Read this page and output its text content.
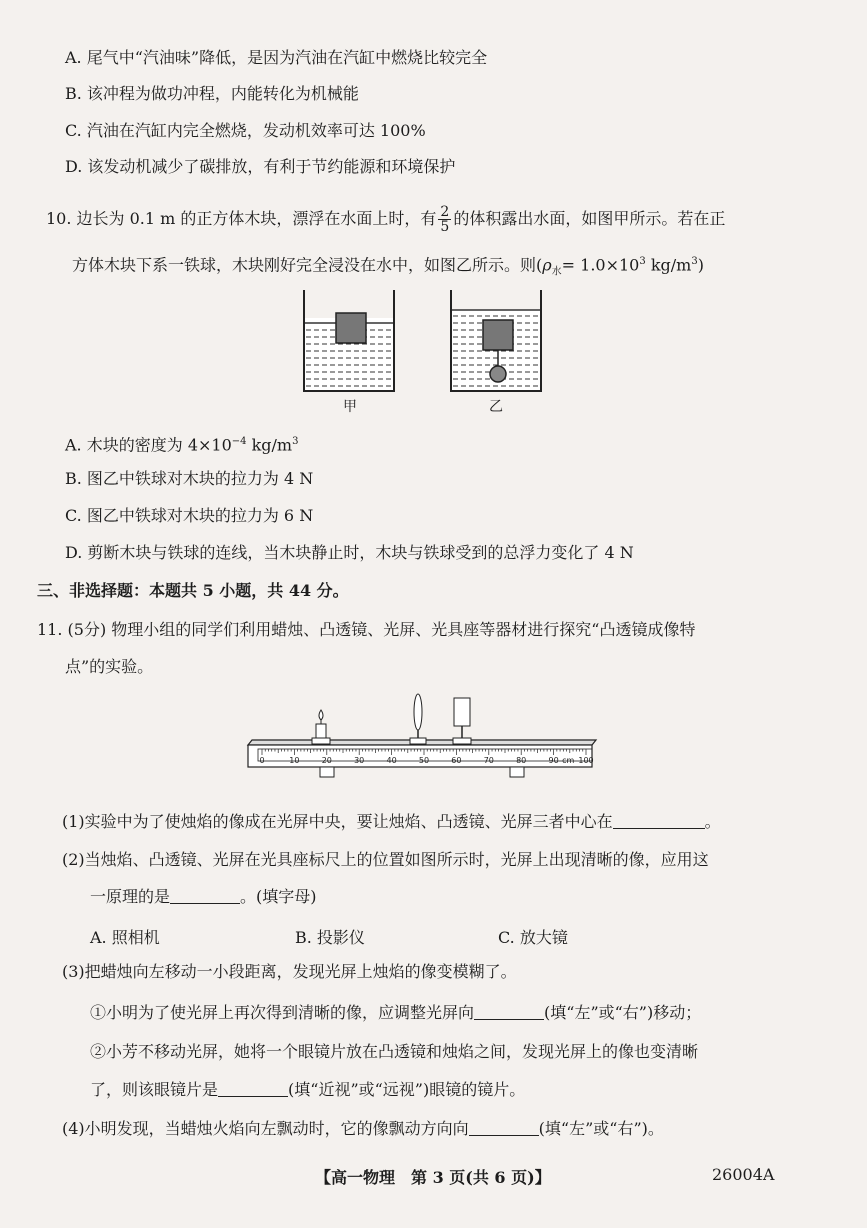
A. 尾气中“汽油味”降低，是因为汽油在汽缸中燃烧比较完全
B. 该冲程为做功冲程，内能转化为机械能
C. 汽油在汽缸内完全燃烧，发动机效率可达 100%
D. 该发动机减少了碳排放，有利于节约能源和环境保护
10. 边长为 0.1 m 的正方体木块，漂浮在水面上时，有 $\frac{2}{5}$ 的体积露出水面，如图甲所示。若在正
方体木块下系一铁球，木块刚好完全浸没在水中，如图乙所示。则($\rho_水= 1.0\times 10^3$ $kg/m^3$)
甲	乙
A. 木块的密度为 $4\times 10^{-4}$ $kg/m^3$
B. 图乙中铁球对木块的拉力为 4 N
C. 图乙中铁球对木块的拉力为 6 N
D. 剪断木块与铁球的连线，当木块静止时，木块与铁球受到的总浮力变化了 4 N
三、非选择题：本题共 5 小题，共 44 分。
11. (5分) 物理小组的同学们利用蜡烛、凸透镜、光屏、光具座等器材进行探究“凸透镜成像特
点”的实验。
0	10	20	30	40	50	60	70	80	90 cm 100
(1)实验中为了使烛焰的像成在光屏中央，要让烛焰、凸透镜、光屏三者中心在	。
(2)当烛焰、凸透镜、光屏在光具座标尺上的位置如图所示时，光屏上出现清晰的像，应用这
一原理的是	。(填字母)
A. 照相机	B. 投影仪	C. 放大镜
(3)把蜡烛向左移动一小段距离，发现光屏上烛焰的像变模糊了。
①小明为了使光屏上再次得到清晰的像，应调整光屏向	(填“左”或“右”)移动；
②小芳不移动光屏，她将一个眼镜片放在凸透镜和烛焰之间，发现光屏上的像也变清晰
了，则该眼镜片是	(填“近视”或“远视”)眼镜的镜片。
(4)小明发现，当蜡烛火焰向左飘动时，它的像飘动方向向	(填“左”或“右”)。
【高一物理　第 3 页(共 6 页)】	26004A
